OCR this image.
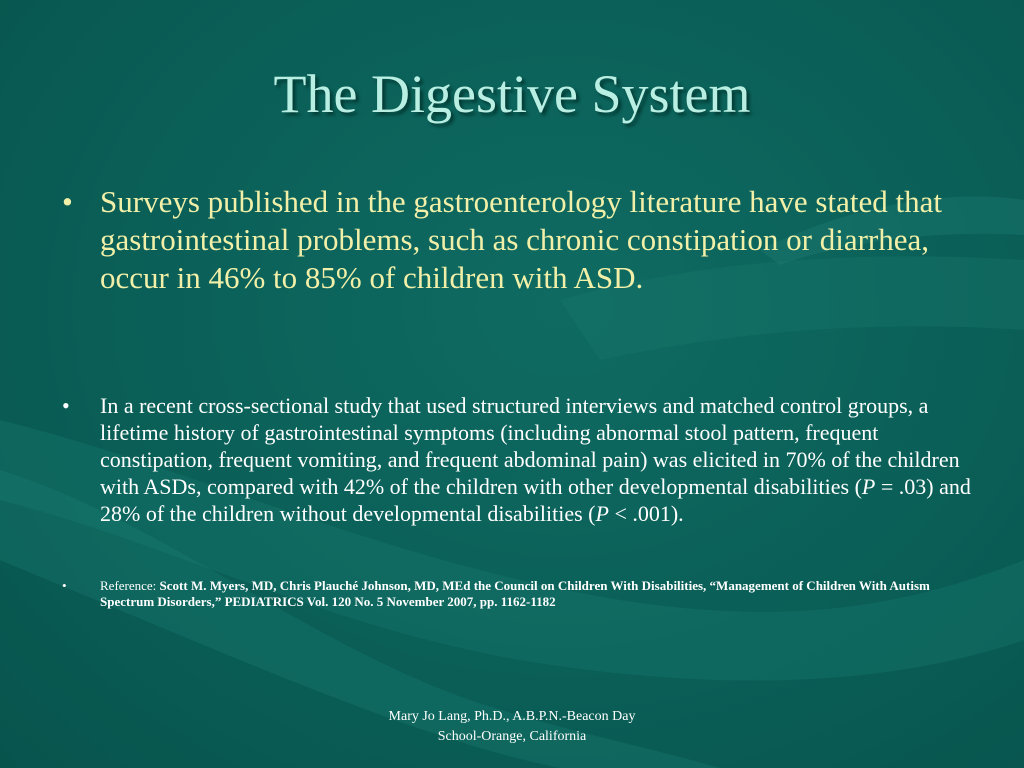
The Digestive System
• Surveys published in the gastroenterology literature have stated that gastrointestinal problems, such as chronic constipation or diarrhea, occur in 46% to 85% of children with ASD.
• In a recent cross-sectional study that used structured interviews and matched control groups, a lifetime history of gastrointestinal symptoms (including abnormal stool pattern, frequent constipation, frequent vomiting, and frequent abdominal pain) was elicited in 70% of the children with ASDs, compared with 42% of the children with other developmental disabilities (P = .03) and 28% of the children without developmental disabilities (P < .001).
•	Reference: Scott M. Myers, MD, Chris Plauché Johnson, MD, MEd the Council on Children With Disabilities, “Management of Children With Autism Spectrum Disorders,” PEDIATRICS Vol. 120 No. 5 November 2007, pp. 1162-1182
Mary Jo Lang, Ph.D., A.B.P.N.-Beacon Day
School-Orange, California
